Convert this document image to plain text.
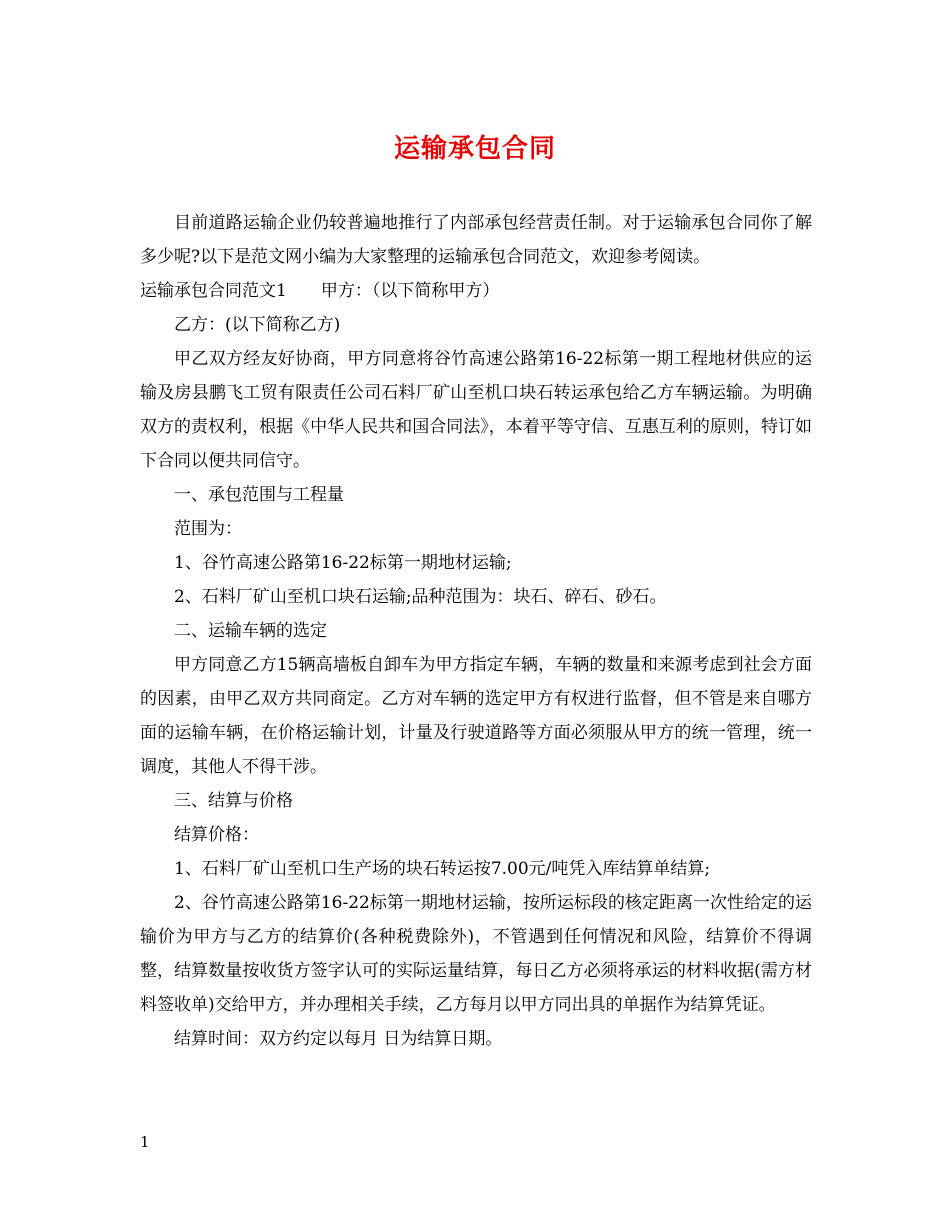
运输承包合同

目前道路运输企业仍较普遍地推行了内部承包经营责任制。对于运输承包合同你了解多少呢?以下是范文网小编为大家整理的运输承包合同范文，欢迎参考阅读。

运输承包合同范文1　　甲方：（以下简称甲方）

乙方：(以下简称乙方)

甲乙双方经友好协商，甲方同意将谷竹高速公路第16-22标第一期工程地材供应的运输及房县鹏飞工贸有限责任公司石料厂矿山至机口块石转运承包给乙方车辆运输。为明确双方的责权利，根据《中华人民共和国合同法》，本着平等守信、互惠互利的原则，特订如下合同以便共同信守。

一、承包范围与工程量

范围为：

1、谷竹高速公路第16-22标第一期地材运输;

2、石料厂矿山至机口块石运输;品种范围为：块石、碎石、砂石。

二、运输车辆的选定

甲方同意乙方15辆高墙板自卸车为甲方指定车辆，车辆的数量和来源考虑到社会方面的因素，由甲乙双方共同商定。乙方对车辆的选定甲方有权进行监督，但不管是来自哪方面的运输车辆，在价格运输计划，计量及行驶道路等方面必须服从甲方的统一管理，统一调度，其他人不得干涉。

三、结算与价格

结算价格：

1、石料厂矿山至机口生产场的块石转运按7.00元/吨凭入库结算单结算;

2、谷竹高速公路第16-22标第一期地材运输，按所运标段的核定距离一次性给定的运输价为甲方与乙方的结算价(各种税费除外)，不管遇到任何情况和风险，结算价不得调整，结算数量按收货方签字认可的实际运量结算，每日乙方必须将承运的材料收据(需方材料签收单)交给甲方，并办理相关手续，乙方每月以甲方同出具的单据作为结算凭证。

结算时间：双方约定以每月 日为结算日期。

1
